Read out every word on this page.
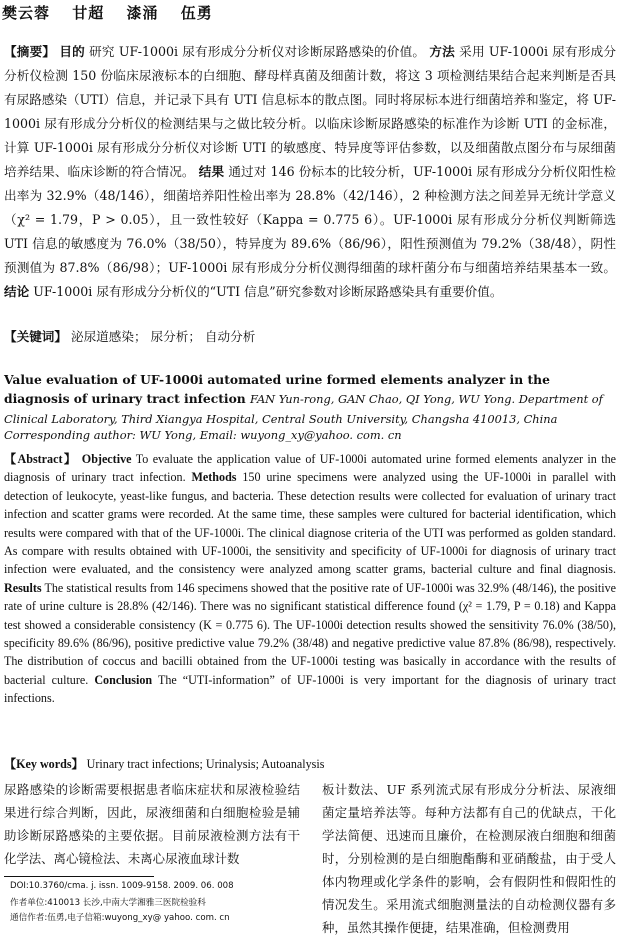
樊云蓉 甘超 漆涌 伍勇
【摘要】 目的 研究 UF-1000i 尿有形成分分析仪对诊断尿路感染的价值。 方法 采用 UF-1000i 尿有形成分分析仪检测 150 份临床尿液标本的白细胞、酵母样真菌及细菌计数，将这 3 项检测结果结合起来判断是否具有尿路感染（UTI）信息，并记录下具有 UTI 信息标本的散点图。同时将尿标本进行细菌培养和鉴定，将 UF-1000i 尿有形成分分析仪的检测结果与之做比较分析。以临床诊断尿路感染的标准作为诊断 UTI 的金标准，计算 UF-1000i 尿有形成分分析仪对诊断 UTI 的敏感度、特异度等评估参数，以及细菌散点图分布与尿细菌培养结果、临床诊断的符合情况。 结果 通过对 146 份标本的比较分析，UF-1000i 尿有形成分分析仪阳性检出率为 32.9%（48/146），细菌培养阳性检出率为 28.8%（42/146），2 种检测方法之间差异无统计学意义（χ² = 1.79，P > 0.05），且一致性较好（Kappa = 0.775 6）。UF-1000i 尿有形成分分析仪判断筛选 UTI 信息的敏感度为 76.0%（38/50），特异度为 89.6%（86/96），阳性预测值为 79.2%（38/48），阴性预测值为 87.8%（86/98）；UF-1000i 尿有形成分分析仪测得细菌的球杆菌分布与细菌培养结果基本一致。 结论 UF-1000i 尿有形成分分析仪的“UTI 信息”研究参数对诊断尿路感染具有重要价值。
【关键词】 泌尿道感染； 尿分析； 自动分析
Value evaluation of UF-1000i automated urine formed elements analyzer in the diagnosis of urinary tract infection FAN Yun-rong, GAN Chao, QI Yong, WU Yong. Department of Clinical Laboratory, Third Xiangya Hospital, Central South University, Changsha 410013, China
Corresponding author: WU Yong, Email: wuyong_xy@yahoo. com. cn
【Abstract】 Objective To evaluate the application value of UF-1000i automated urine formed elements analyzer in the diagnosis of urinary tract infection. Methods 150 urine specimens were analyzed using the UF-1000i in parallel with detection of leukocyte, yeast-like fungus, and bacteria. These detection results were collected for evaluation of urinary tract infection and scatter grams were recorded. At the same time, these samples were cultured for bacterial identification, which results were compared with that of the UF-1000i. The clinical diagnose criteria of the UTI was performed as golden standard. As compare with results obtained with UF-1000i, the sensitivity and specificity of UF-1000i for diagnosis of urinary tract infection were evaluated, and the consistency were analyzed among scatter grams, bacterial culture and final diagnosis. Results The statistical results from 146 specimens showed that the positive rate of UF-1000i was 32.9% (48/146), the positive rate of urine culture is 28.8% (42/146). There was no significant statistical difference found (χ² = 1.79, P = 0.18) and Kappa test showed a considerable consistency (K = 0.775 6). The UF-1000i detection results showed the sensitivity 76.0% (38/50), specificity 89.6% (86/96), positive predictive value 79.2% (38/48) and negative predictive value 87.8% (86/98), respectively. The distribution of coccus and bacilli obtained from the UF-1000i testing was basically in accordance with the results of bacterial culture. Conclusion The “UTI-information” of UF-1000i is very important for the diagnosis of urinary tract infections.
【Key words】 Urinary tract infections; Urinalysis; Autoanalysis
尿路感染的诊断需要根据患者临床症状和尿液检验结果进行综合判断，因此，尿液细菌和白细胞检验是辅助诊断尿路感染的主要依据。目前尿液检测方法有干化学法、离心镜检法、未离心尿液血球计数
板计数法、UF 系列流式尿有形成分分析法、尿液细菌定量培养法等。每种方法都有自己的优缺点，干化学法简便、迅速而且廉价，在检测尿液白细胞和细菌时，分别检测的是白细胞酯酶和亚硝酸盐，由于受人体内物理或化学条件的影响，会有假阴性和假阳性的情况发生。采用流式细胞测量法的自动检测仪器有多种，虽然其操作便捷，结果准确，但检测费用
DOI:10.3760/cma. j. issn. 1009-9158. 2009. 06. 008
作者单位:410013 长沙,中南大学湘雅三医院检验科
通信作者:伍勇,电子信箱:wuyong_xy@ yahoo. com. cn
